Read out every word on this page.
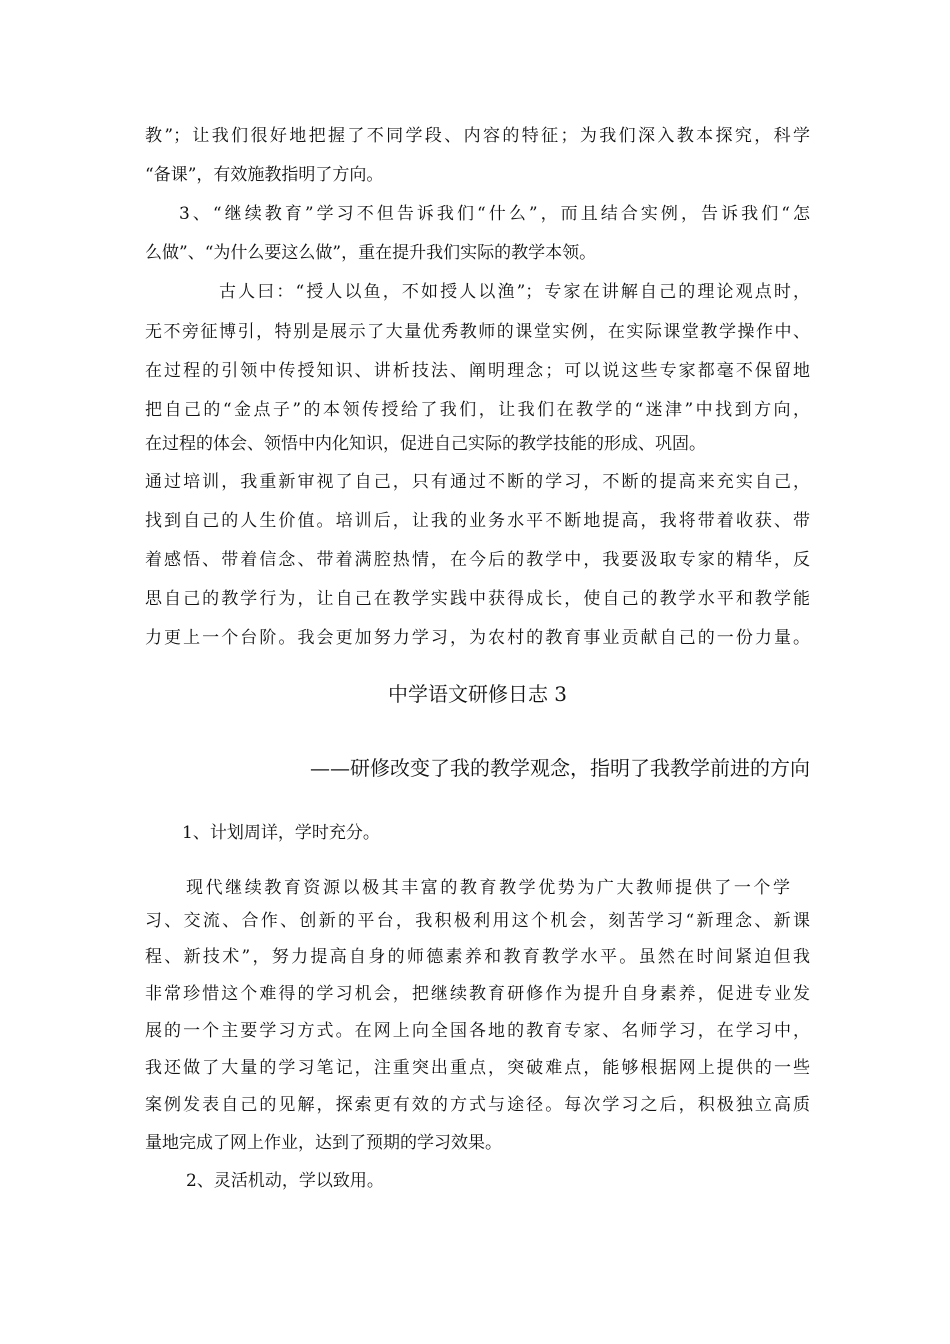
教”；让我们很好地把握了不同学段、内容的特征；为我们深入教本探究，科学
“备课”，有效施教指明了方向。
3、“继续教育”学习不但告诉我们“什么”，而且结合实例，告诉我们“怎
么做”、“为什么要这么做”，重在提升我们实际的教学本领。
古人曰：“授人以鱼，不如授人以渔”；专家在讲解自己的理论观点时，
无不旁征博引，特别是展示了大量优秀教师的课堂实例，在实际课堂教学操作中、
在过程的引领中传授知识、讲析技法、阐明理念；可以说这些专家都毫不保留地
把自己的“金点子”的本领传授给了我们，让我们在教学的“迷津”中找到方向，
在过程的体会、领悟中内化知识，促进自己实际的教学技能的形成、巩固。
通过培训，我重新审视了自己，只有通过不断的学习，不断的提高来充实自己，
找到自己的人生价值。培训后，让我的业务水平不断地提高，我将带着收获、带
着感悟、带着信念、带着满腔热情，在今后的教学中，我要汲取专家的精华，反
思自己的教学行为，让自己在教学实践中获得成长，使自己的教学水平和教学能
力更上一个台阶。我会更加努力学习，为农村的教育事业贡献自己的一份力量。
中学语文研修日志 3
——研修改变了我的教学观念，指明了我教学前进的方向
1、计划周详，学时充分。
现代继续教育资源以极其丰富的教育教学优势为广大教师提供了一个学
习、交流、合作、创新的平台，我积极利用这个机会，刻苦学习“新理念、新课
程、新技术”，努力提高自身的师德素养和教育教学水平。虽然在时间紧迫但我
非常珍惜这个难得的学习机会，把继续教育研修作为提升自身素养，促进专业发
展的一个主要学习方式。在网上向全国各地的教育专家、名师学习，在学习中，
我还做了大量的学习笔记，注重突出重点，突破难点，能够根据网上提供的一些
案例发表自己的见解，探索更有效的方式与途径。每次学习之后，积极独立高质
量地完成了网上作业，达到了预期的学习效果。
2、灵活机动，学以致用。
